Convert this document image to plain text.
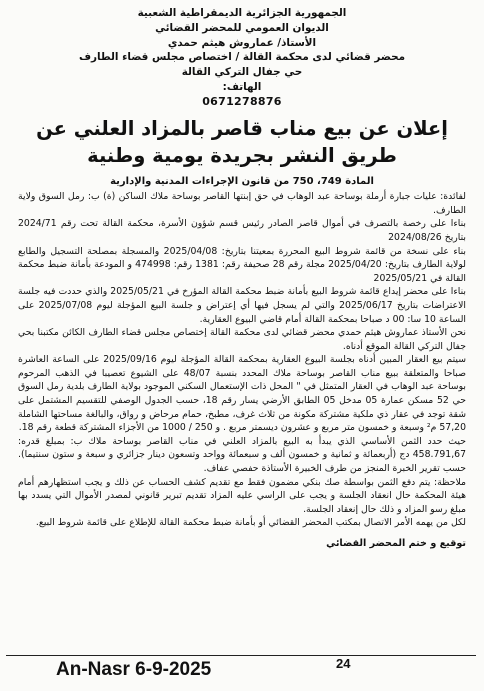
الجمهورية الجزائرية الديمقراطية الشعبية
الديوان العمومي للمحضر القضائي
الأستاذ/ عماروش هيثم حمدي
محضر قضائي لدى محكمة القالة / اختصاص مجلس قضاء الطارف
حي جفال التركي القالة
الهاتف:
0671278876
إعلان عن بيع مناب قاصر بالمزاد العلني عن طريق النشر بجريدة يومية وطنية
المادة 749، 750 من قانون الإجراءات المدنية والإدارية

لفائدة: عليات جبارة أرملة بوساحة عبد الوهاب في حق إبنتها القاصر بوساحة ملاك الساكن (ة) ب: رمل السوق ولاية الطارف.

بناءا على رخصة بالتصرف في أموال قاصر الصادر رئيس قسم شؤون الأسرة، محكمة القالة تحت رقم 2024/71 بتاريخ 2024/08/26

بناء على نسخة من قائمة شروط البيع المحررة بمعيتنا بتاريخ: 2025/04/08 والمسجلة بمصلحة التسجيل والطابع لولاية الطارف بتاريخ: 2025/04/20 مجلة رقم 28 صحيفة رقم: 1381 رقم: 474998 و المودعة بأمانة ضبط محكمة القالة في 2025/05/21

بناءا على محضر إيداع قائمة شروط البيع بأمانة ضبط محكمة القالة المؤرخ في 2025/05/21 والذي حددت فيه جلسة الاعتراضات بتاريخ 2025/06/17 والتي لم يسجل فيها أي إعتراض و جلسة البيع المؤجلة ليوم 2025/07/08 على الساعة 10 سا: 00 د صباحا بمحكمة القالة أمام قاضي البيوع العقارية.

نحن الأستاذ عماروش هيثم حمدي محضر قضائي لدى محكمة القالة إختصاص مجلس قضاء الطارف الكائن مكتبنا بحي جفال التركي القالة الموقع أدناه.

سيتم بيع العقار المبين أدناه بجلسة البيوع العقارية بمحكمة القالة المؤجلة ليوم 2025/09/16 على الساعة العاشرة صباحا والمتعلقة ببيع مناب القاصر بوساحة ملاك المحدد بنسبة 48/07 على الشيوع تعصيبا في الذهب المرحوم بوساحة عبد الوهاب في العقار المتمثل في " المحل ذات الإستعمال السكني الموجود بولاية الطارف بلدية رمل السوق حي 52 مسكن عمارة 05 مدخل 05 الطابق الأرضي يسار رقم 18، حسب الجدول الوصفي للتقسيم المشتمل على شقة توجد في عقار ذي ملكية مشتركة مكونة من ثلاث غرف، مطبخ، حمام مرحاض و رواق، والبالغة مساحتها الشاملة 57,20 م² وسبعة و خمسون متر مربع و عشرون ديسمتر مربع . و 250 / 1000 من الأجزاء المشتركة قطعة رقم 18.

حيث حدد الثمن الأساسي الذي يبدأ به البيع بالمزاد العلني في مناب القاصر بوساحة ملاك ب: بمبلغ قدره: 458.791,67 دج (أربعمائة و ثمانية و خمسون ألف و سبعمائة وواحد وتسعون دينار جزائري و سبعة و ستون سنتيما). حسب تقرير الخبرة المنجز من طرف الخبيرة الأستاذة حفصي عفاف.

ملاحظة: يتم دفع الثمن بواسطة صك بنكي مضمون فقط مع تقديم كشف الحساب عن ذلك و يجب استظهارهم أمام هيئة المحكمة حال انعقاد الجلسة و يجب على الراسي عليه المزاد تقديم تبرير قانوني لمصدر الأموال التي يسدد بها مبلغ رسو المزاد و ذلك حال إنعقاد الجلسة.

لكل من يهمه الأمر الاتصال بمكتب المحضر القضائي أو بأمانة ضبط محكمة القالة للإطلاع على قائمة شروط البيع.

توقيع و ختم المحضر القضائي
An-Nasr 6-9-2025	24
